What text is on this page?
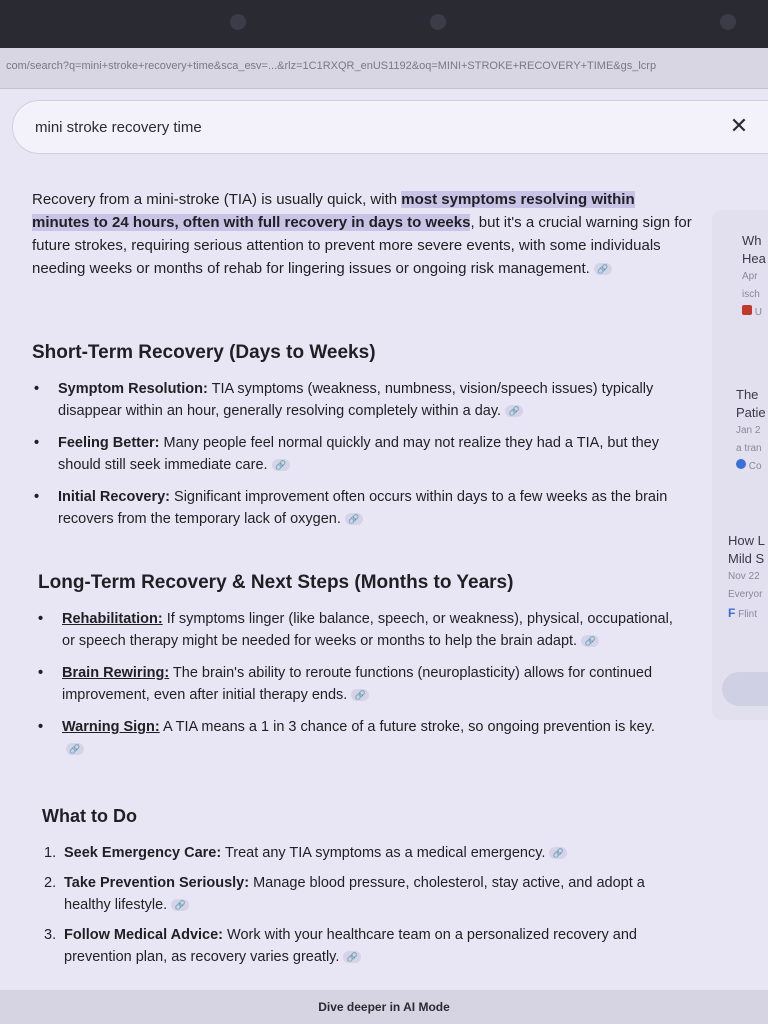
com/search?q=mini+stroke+recovery+time&sca_esv=...&rlz=1C1RXQR_enUS1192&oq=MINI+STROKE+RECOVERY+TIME&gs_lcrp
mini stroke recovery time	✕

Recovery from a mini-stroke (TIA) is usually quick, with most symptoms resolving within minutes to 24 hours, often with full recovery in days to weeks, but it's a crucial warning sign for future strokes, requiring serious attention to prevent more severe events, with some individuals needing weeks or months of rehab for lingering issues or ongoing risk management. 🔗

Short-Term Recovery (Days to Weeks)
• Symptom Resolution: TIA symptoms (weakness, numbness, vision/speech issues) typically disappear within an hour, generally resolving completely within a day. 🔗
• Feeling Better: Many people feel normal quickly and may not realize they had a TIA, but they should still seek immediate care. 🔗
• Initial Recovery: Significant improvement often occurs within days to a few weeks as the brain recovers from the temporary lack of oxygen. 🔗
Long-Term Recovery & Next Steps (Months to Years)
• Rehabilitation: If symptoms linger (like balance, speech, or weakness), physical, occupational, or speech therapy might be needed for weeks or months to help the brain adapt. 🔗
• Brain Rewiring: The brain's ability to reroute functions (neuroplasticity) allows for continued improvement, even after initial therapy ends. 🔗
• Warning Sign: A TIA means a 1 in 3 chance of a future stroke, so ongoing prevention is key.🔗
What to Do
1. Seek Emergency Care: Treat any TIA symptoms as a medical emergency. 🔗
2. Take Prevention Seriously: Manage blood pressure, cholesterol, stay active, and adopt a healthy lifestyle. 🔗
3. Follow Medical Advice: Work with your healthcare team on a personalized recovery and prevention plan, as recovery varies greatly. 🔗
Wh
Hea
Apr
isch
U
The
Patie
Jan 2
a tran
Co
How L
Mild S
Nov 22
Everyor
F Flint
Dive deeper in AI Mode
